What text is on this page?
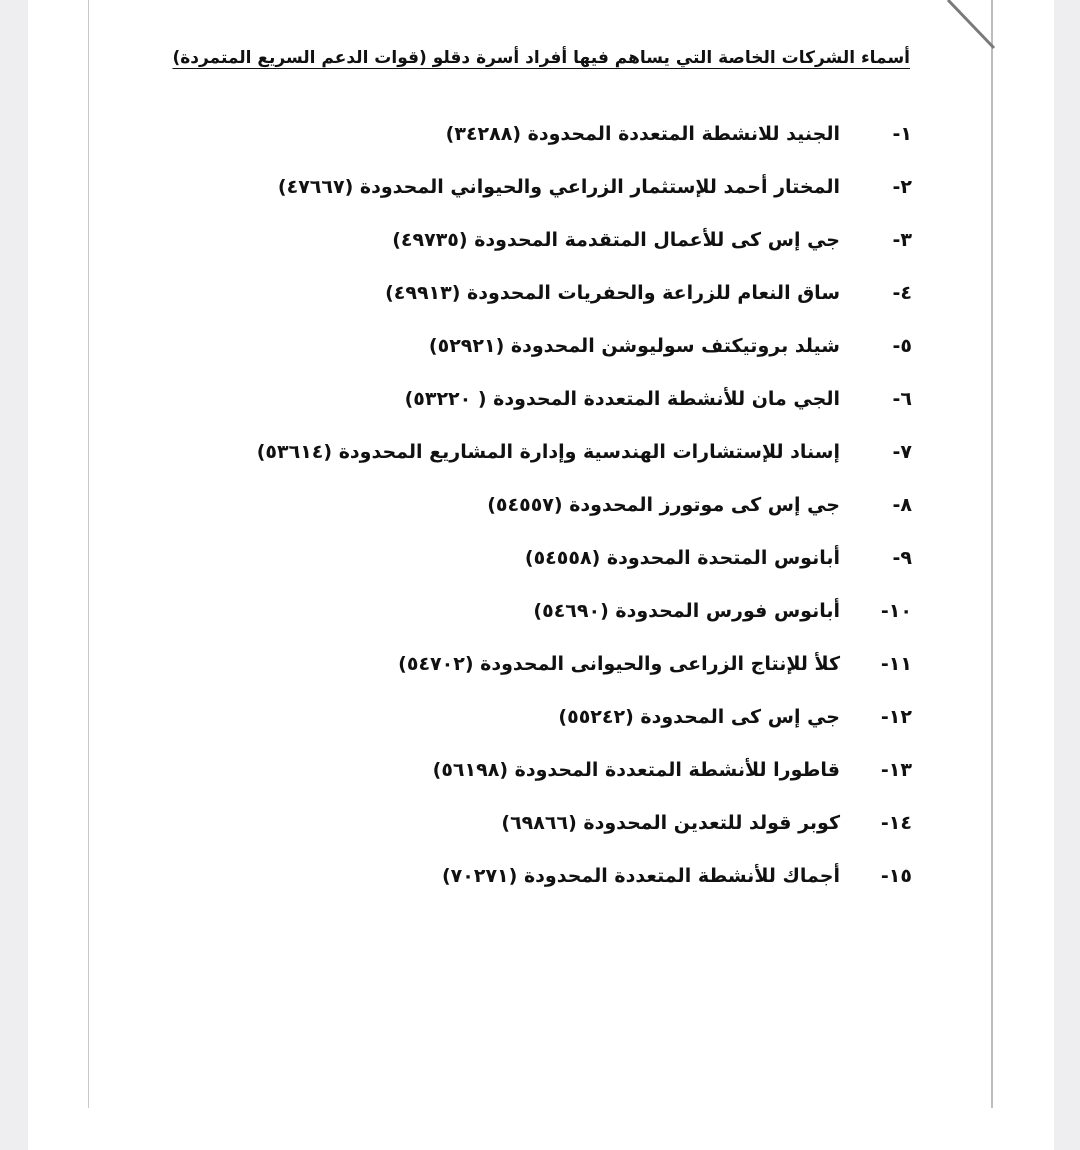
أسماء الشركات الخاصة التي يساهم فيها أفراد أسرة دقلو (قوات الدعم السريع المتمردة)
١-
الجنيد للانشطة المتعددة المحدودة (٣٤٢٨٨)
٢-
المختار أحمد للإستثمار الزراعي والحيواني المحدودة (٤٧٦٦٧)
٣-
جي إس كى للأعمال المتقدمة المحدودة (٤٩٧٣٥)
٤-
ساق النعام للزراعة والحفريات المحدودة (٤٩٩١٣)
٥-
شيلد بروتيكتف سوليوشن المحدودة (٥٢٩٢١)
٦-
الجي مان للأنشطة المتعددة المحدودة ( ٥٣٢٢٠)
٧-
إسناد للإستشارات الهندسية وإدارة المشاريع المحدودة (٥٣٦١٤)
٨-
جي إس كى موتورز المحدودة (٥٤٥٥٧)
٩-
أبانوس المتحدة المحدودة (٥٤٥٥٨)
١٠-
أبانوس فورس المحدودة (٥٤٦٩٠)
١١-
كلأ للإنتاج الزراعى والحيوانى المحدودة (٥٤٧٠٢)
١٢-
جي إس كى المحدودة (٥٥٢٤٢)
١٣-
قاطورا للأنشطة المتعددة المحدودة (٥٦١٩٨)
١٤-
كوبر قولد للتعدين المحدودة (٦٩٨٦٦)
١٥-
أجماك للأنشطة المتعددة المحدودة (٧٠٢٧١)
